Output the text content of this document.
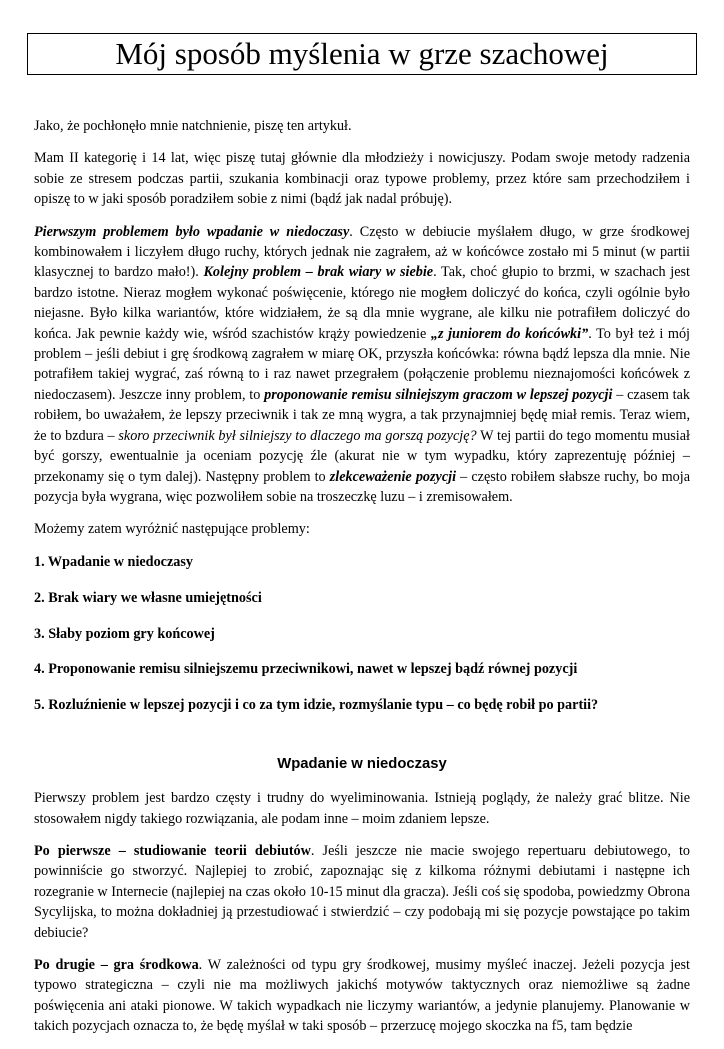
Mój sposób myślenia w grze szachowej

Jako, że pochłonęło mnie natchnienie, piszę ten artykuł.

Mam II kategorię i 14 lat, więc piszę tutaj głównie dla młodzieży i nowicjuszy. Podam swoje metody radzenia sobie ze stresem podczas partii, szukania kombinacji oraz typowe problemy, przez które sam przechodziłem i opiszę to w jaki sposób poradziłem sobie z nimi (bądź jak nadal próbuję).

Pierwszym problemem było wpadanie w niedoczasy. Często w debiucie myślałem długo, w grze środkowej kombinowałem i liczyłem długo ruchy, których jednak nie zagrałem, aż w końcówce zostało mi 5 minut (w partii klasycznej to bardzo mało!). Kolejny problem – brak wiary w siebie. Tak, choć głupio to brzmi, w szachach jest bardzo istotne. Nieraz mogłem wykonać poświęcenie, którego nie mogłem doliczyć do końca, czyli ogólnie było niejasne. Było kilka wariantów, które widziałem, że są dla mnie wygrane, ale kilku nie potrafiłem doliczyć do końca. Jak pewnie każdy wie, wśród szachistów krąży powiedzenie „z juniorem do końcówki”. To był też i mój problem – jeśli debiut i grę środkową zagrałem w miarę OK, przyszła końcówka: równa bądź lepsza dla mnie. Nie potrafiłem takiej wygrać, zaś równą to i raz nawet przegrałem (połączenie problemu nieznajomości końcówek z niedoczasem). Jeszcze inny problem, to proponowanie remisu silniejszym graczom w lepszej pozycji – czasem tak robiłem, bo uważałem, że lepszy przeciwnik i tak ze mną wygra, a tak przynajmniej będę miał remis. Teraz wiem, że to bzdura – skoro przeciwnik był silniejszy to dlaczego ma gorszą pozycję? W tej partii do tego momentu musiał być gorszy, ewentualnie ja oceniam pozycję źle (akurat nie w tym wypadku, który zaprezentuję później – przekonamy się o tym dalej). Następny problem to zlekceważenie pozycji – często robiłem słabsze ruchy, bo moja pozycja była wygrana, więc pozwoliłem sobie na troszeczkę luzu – i zremisowałem.

Możemy zatem wyróżnić następujące problemy:

1. Wpadanie w niedoczasy

2. Brak wiary we własne umiejętności

3. Słaby poziom gry końcowej

4. Proponowanie remisu silniejszemu przeciwnikowi, nawet w lepszej bądź równej pozycji

5. Rozluźnienie w lepszej pozycji i co za tym idzie, rozmyślanie typu – co będę robił po partii?

Wpadanie w niedoczasy

Pierwszy problem jest bardzo częsty i trudny do wyeliminowania. Istnieją poglądy, że należy grać blitze. Nie stosowałem nigdy takiego rozwiązania, ale podam inne – moim zdaniem lepsze.

Po pierwsze – studiowanie teorii debiutów. Jeśli jeszcze nie macie swojego repertuaru debiutowego, to powinniście go stworzyć. Najlepiej to zrobić, zapoznając się z kilkoma różnymi debiutami i następne ich rozegranie w Internecie (najlepiej na czas około 10-15 minut dla gracza). Jeśli coś się spodoba, powiedzmy Obrona Sycylijska, to można dokładniej ją przestudiować i stwierdzić – czy podobają mi się pozycje powstające po takim debiucie?

Po drugie – gra środkowa. W zależności od typu gry środkowej, musimy myśleć inaczej. Jeżeli pozycja jest typowo strategiczna – czyli nie ma możliwych jakichś motywów taktycznych oraz niemożliwe są żadne poświęcenia ani ataki pionowe. W takich wypadkach nie liczymy wariantów, a jedynie planujemy. Planowanie w takich pozycjach oznacza to, że będę myślał w taki sposób – przerzucę mojego skoczka na f5, tam będzie
